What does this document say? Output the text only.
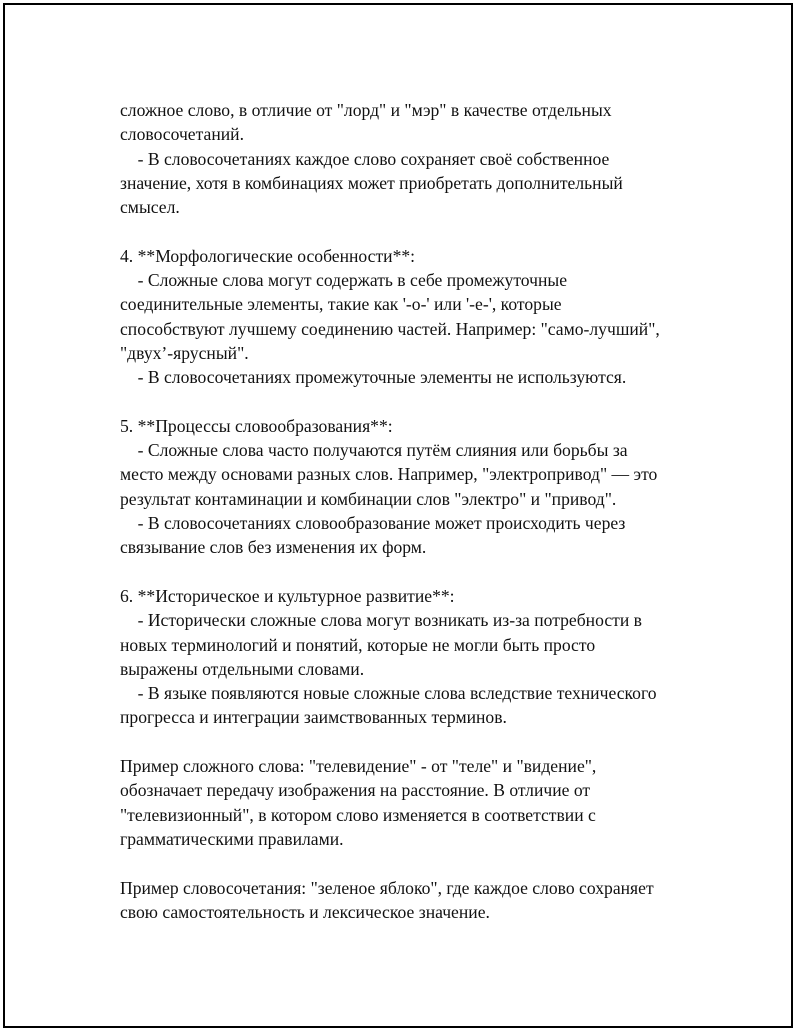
сложное слово, в отличие от "лорд" и "мэр" в качестве отдельных
словосочетаний.
- В словосочетаниях каждое слово сохраняет своё собственное
значение, хотя в комбинациях может приобретать дополнительный
смысел.
4. **Морфологические особенности**:
- Сложные слова могут содержать в себе промежуточные
соединительные элементы, такие как '-о-' или '-е-', которые
способствуют лучшему соединению частей. Например: "само-лучший",
"двух’-ярусный".
- В словосочетаниях промежуточные элементы не используются.
5. **Процессы словообразования**:
- Сложные слова часто получаются путём слияния или борьбы за
место между основами разных слов. Например, "электропривод" — это
результат контаминации и комбинации слов "электро" и "привод".
- В словосочетаниях словообразование может происходить через
связывание слов без изменения их форм.
6. **Историческое и культурное развитие**:
- Исторически сложные слова могут возникать из-за потребности в
новых терминологий и понятий, которые не могли быть просто
выражены отдельными словами.
- В языке появляются новые сложные слова вследствие технического
прогресса и интеграции заимствованных терминов.
Пример сложного слова: "телевидение" - от "теле" и "видение",
обозначает передачу изображения на расстояние. В отличие от
"телевизионный", в котором слово изменяется в соответствии с
грамматическими правилами.
Пример словосочетания: "зеленое яблоко", где каждое слово сохраняет
свою самостоятельность и лексическое значение.
